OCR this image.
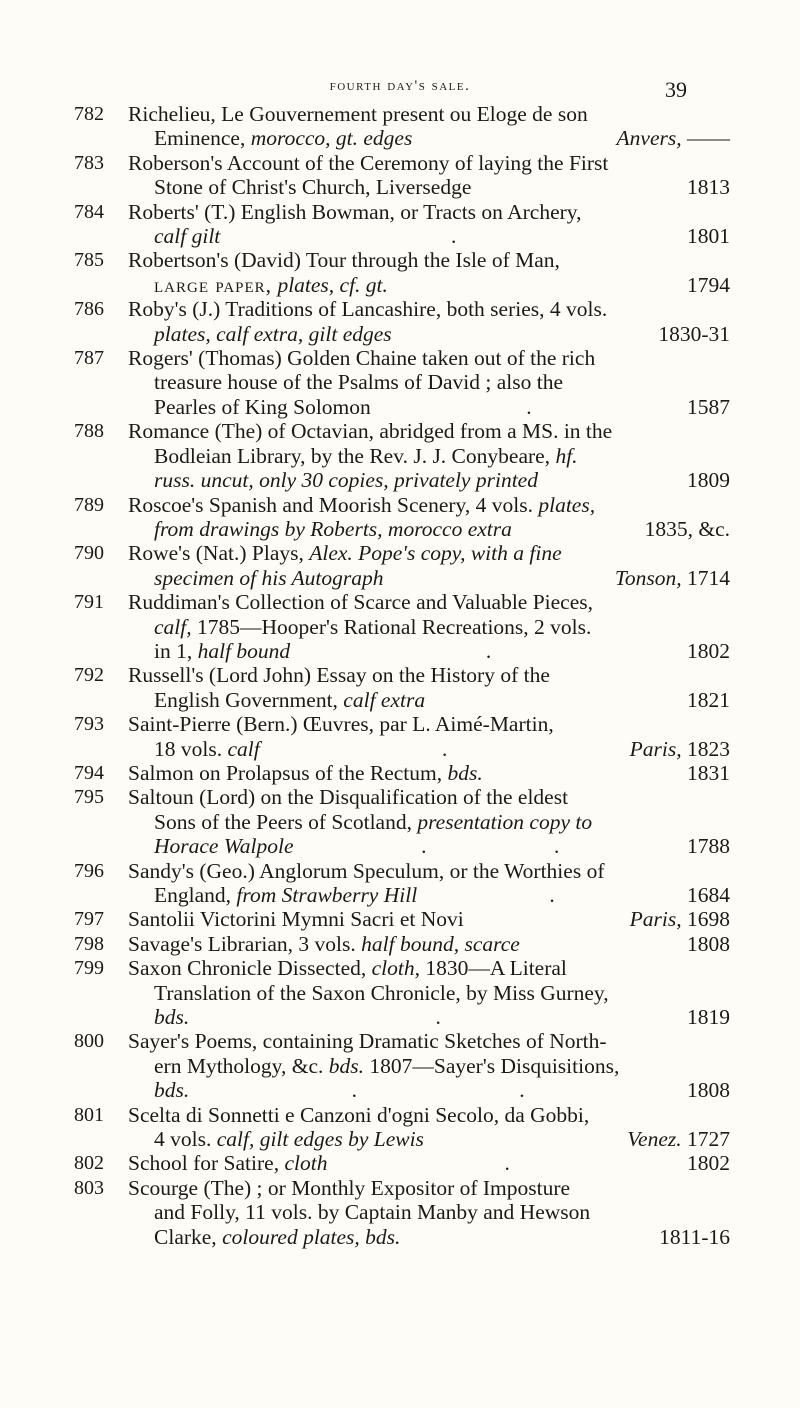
fourth day's sale.	39
782	Richelieu, Le Gouvernement present ou Eloge de son
Eminence, morocco, gt. edges	Anvers, ——
783	Roberson's Account of the Ceremony of laying the First
Stone of Christ's Church, Liversedge	1813
784	Roberts' (T.) English Bowman, or Tracts on Archery,
calf gilt	.	1801
785	Robertson's (David) Tour through the Isle of Man,
large paper, plates, cf. gt.	1794
786	Roby's (J.) Traditions of Lancashire, both series, 4 vols.
plates, calf extra, gilt edges	1830-31
787	Rogers' (Thomas) Golden Chaine taken out of the rich
treasure house of the Psalms of David ; also the
Pearles of King Solomon	.	1587
788	Romance (The) of Octavian, abridged from a MS. in the
Bodleian Library, by the Rev. J. J. Conybeare, hf.
russ. uncut, only 30 copies, privately printed	1809
789	Roscoe's Spanish and Moorish Scenery, 4 vols. plates,
from drawings by Roberts, morocco extra	1835, &c.
790	Rowe's (Nat.) Plays, Alex. Pope's copy, with a fine
specimen of his Autograph	Tonson, 1714
791	Ruddiman's Collection of Scarce and Valuable Pieces,
calf, 1785—Hooper's Rational Recreations, 2 vols.
in 1, half bound	.	1802
792	Russell's (Lord John) Essay on the History of the
English Government, calf extra	1821
793	Saint-Pierre (Bern.) Œuvres, par L. Aimé-Martin,
18 vols. calf	.	Paris, 1823
794	Salmon on Prolapsus of the Rectum, bds.	1831
795	Saltoun (Lord) on the Disqualification of the eldest
Sons of the Peers of Scotland, presentation copy to
Horace Walpole	.	.	1788
796	Sandy's (Geo.) Anglorum Speculum, or the Worthies of
England, from Strawberry Hill	.	1684
797	Santolii Victorini Mymni Sacri et Novi	Paris, 1698
798	Savage's Librarian, 3 vols. half bound, scarce	1808
799	Saxon Chronicle Dissected, cloth, 1830—A Literal
Translation of the Saxon Chronicle, by Miss Gurney,
bds.	.	1819
800	Sayer's Poems, containing Dramatic Sketches of North-
ern Mythology, &c. bds. 1807—Sayer's Disquisitions,
bds.	.	.	1808
801	Scelta di Sonnetti e Canzoni d'ogni Secolo, da Gobbi,
4 vols. calf, gilt edges by Lewis	Venez. 1727
802	School for Satire, cloth	.	1802
803	Scourge (The) ; or Monthly Expositor of Imposture
and Folly, 11 vols. by Captain Manby and Hewson
Clarke, coloured plates, bds.	1811-16
